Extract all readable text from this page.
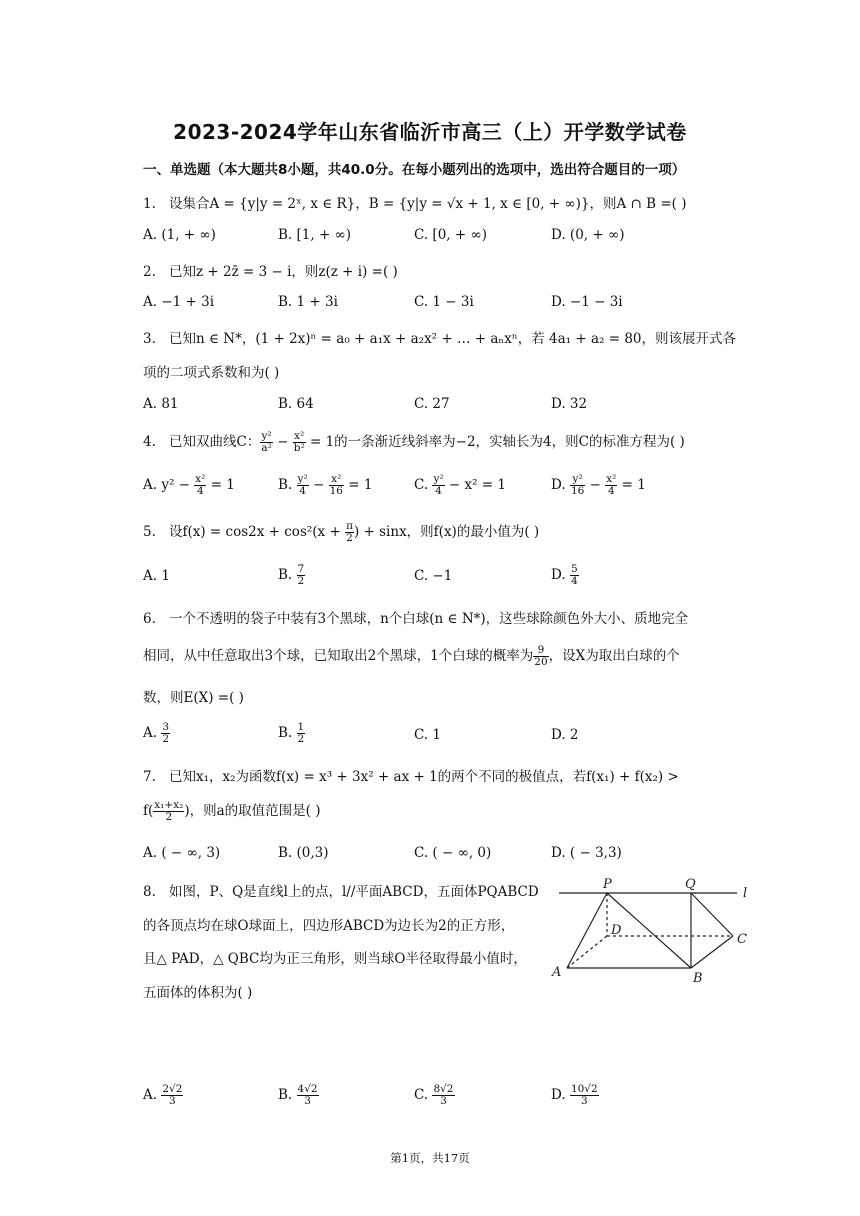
2023-2024学年山东省临沂市高三（上）开学数学试卷
一、单选题（本大题共8小题，共40.0分。在每小题列出的选项中，选出符合题目的一项）
1. 设集合A = {y|y = 2ˣ, x ∈ R}，B = {y|y = √x + 1, x ∈ [0, + ∞)}，则A ∩ B =( )
A. (1, + ∞)	B. [1, + ∞)	C. [0, + ∞)	D. (0, + ∞)
2. 已知z + 2z̄ = 3 − i，则z(z + i) =( )
A. −1 + 3i	B. 1 + 3i	C. 1 − 3i	D. −1 − 3i
3. 已知n ∈ N*，(1 + 2x)ⁿ = a₀ + a₁x + a₂x² + … + aₙxⁿ，若 4a₁ + a₂ = 80，则该展开式各
项的二项式系数和为( )
A. 81	B. 64	C. 27	D. 32
4. 已知双曲线C： $\frac{\text{y²}}{\text{a²}} - \frac{\text{x²}}{\text{b²}} = 1$的一条渐近线斜率为−2，实轴长为4，则C的标准方程为( )
A. $y^2 - \frac{\text{x²}}{4} = 1$	B. $\frac{\text{y²}}{4} - \frac{\text{x²}}{16} = 1$	C. $\frac{\text{y²}}{4} - x^2 = 1$	D. $\frac{\text{y²}}{16} - \frac{\text{x²}}{4} = 1$
5. 设$f(x) = \cos 2x + \cos^2(x + \frac{\pi}{2}$ ) + sinx，则f(x)的最小值为( )
A. 1	B. $\frac{7}{2}$	C. −1	D. $\frac{5}{4}$
6. 一个不透明的袋子中装有3个黑球，n个白球(n ∈ N*)，这些球除颜色外大小、质地完全
相同，从中任意取出3个球，已知取出2个黑球，1个白球的概率为 $\frac{9}{20}$ ，设X为取出白球的个
数，则E(X) =( )
A. $\frac{3}{2}$	B. $\frac{1}{2}$	C. 1	D. 2
7. 已知x₁，x₂为函数f(x) = x³ + 3x² + ax + 1的两个不同的极值点，若f(x₁) + f(x₂) >
$f( \frac{\text{x₁+x₂}}{2}$ )，则a的取值范围是( )
A. ( − ∞, 3)	B. (0,3)	C. ( − ∞, 0)	D. ( − 3,3)
8. 如图，P、Q是直线l上的点，l//平面ABCD，五面体PQABCD
的各顶点均在球O球面上，四边形ABCD为边长为2的正方形，
且△ PAD，△ QBC均为正三角形，则当球O半径取得最小值时，
五面体的体积为( )
P	Q
l
D
C
A	B
A. $\frac{2√2}{3}$	B. $\frac{4√2}{3}$	C. $\frac{8√2}{3}$	D. $\frac{10√2}{3}$
第1页，共17页
